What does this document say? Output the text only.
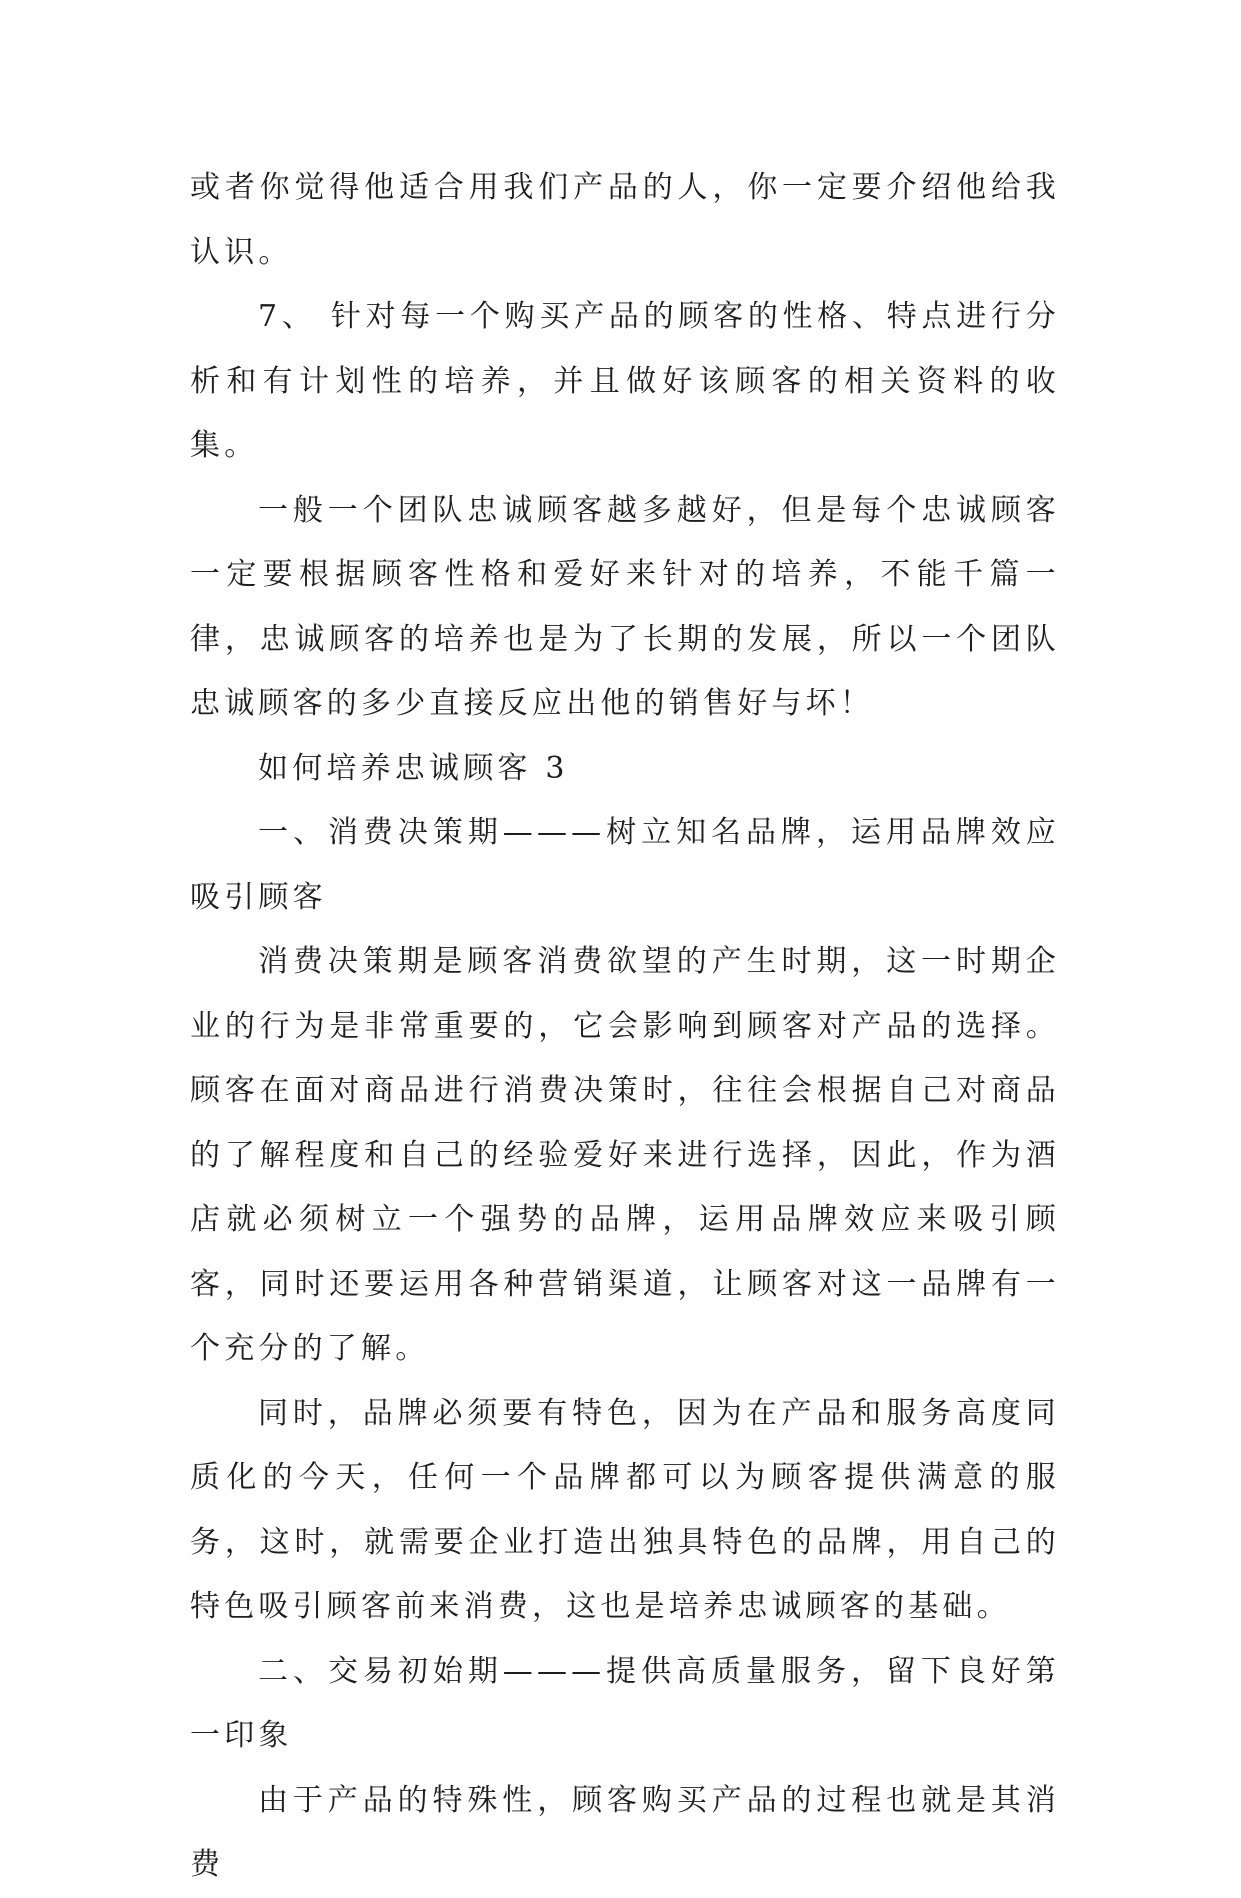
或者你觉得他适合用我们产品的人，你一定要介绍他给我认识。

7、 针对每一个购买产品的顾客的性格、特点进行分析和有计划性的培养，并且做好该顾客的相关资料的收集。

一般一个团队忠诚顾客越多越好，但是每个忠诚顾客一定要根据顾客性格和爱好来针对的培养，不能千篇一律，忠诚顾客的培养也是为了长期的发展，所以一个团队忠诚顾客的多少直接反应出他的销售好与坏！

如何培养忠诚顾客 3

一、消费决策期———树立知名品牌，运用品牌效应吸引顾客

消费决策期是顾客消费欲望的产生时期，这一时期企业的行为是非常重要的，它会影响到顾客对产品的选择。顾客在面对商品进行消费决策时，往往会根据自己对商品的了解程度和自己的经验爱好来进行选择，因此，作为酒店就必须树立一个强势的品牌，运用品牌效应来吸引顾客，同时还要运用各种营销渠道，让顾客对这一品牌有一个充分的了解。

同时，品牌必须要有特色，因为在产品和服务高度同质化的今天，任何一个品牌都可以为顾客提供满意的服务，这时，就需要企业打造出独具特色的品牌，用自己的特色吸引顾客前来消费，这也是培养忠诚顾客的基础。

二、交易初始期———提供高质量服务，留下良好第一印象

由于产品的特殊性，顾客购买产品的过程也就是其消费
